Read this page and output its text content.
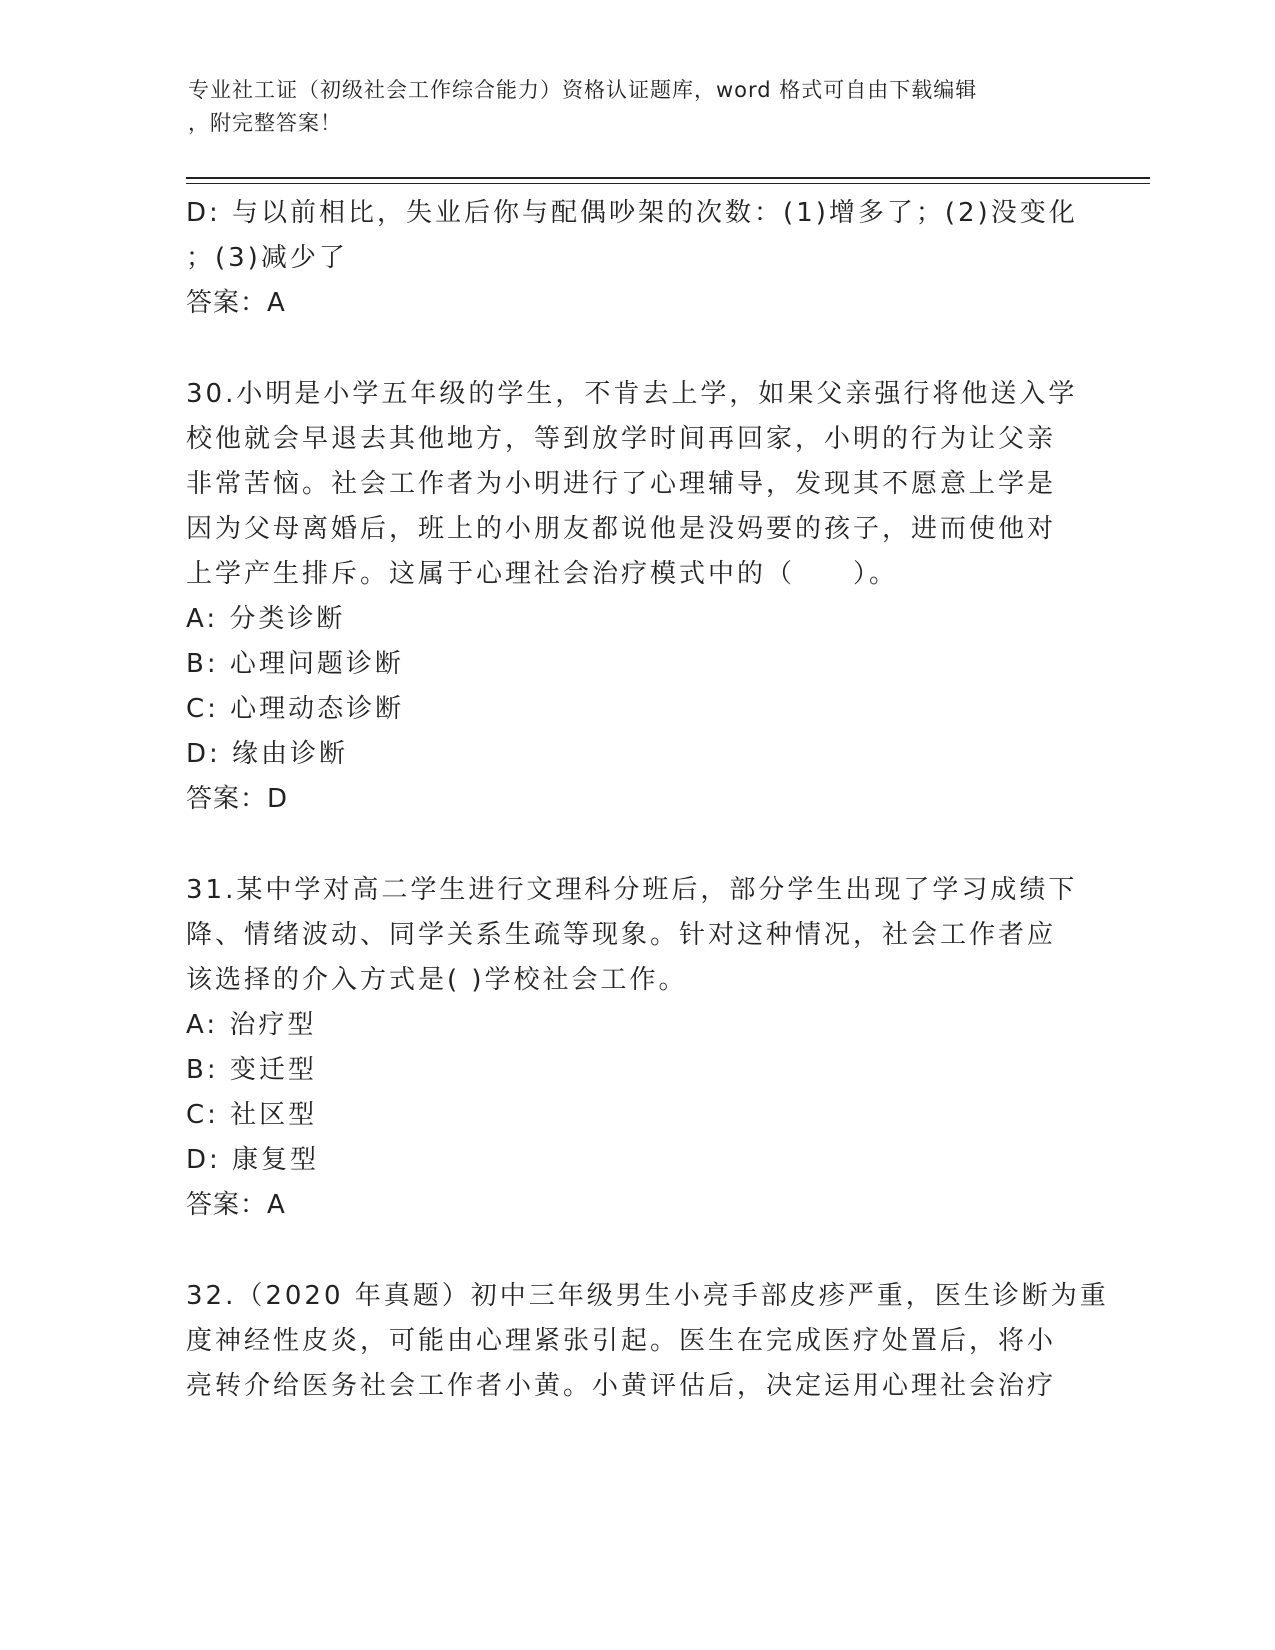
专业社工证（初级社会工作综合能力）资格认证题库，word 格式可自由下载编辑
，附完整答案！
D: 与以前相比，失业后你与配偶吵架的次数：(1)增多了；(2)没变化
；(3)减少了
答案：A
30.小明是小学五年级的学生，不肯去上学，如果父亲强行将他送入学
校他就会早退去其他地方，等到放学时间再回家，小明的行为让父亲
非常苦恼。社会工作者为小明进行了心理辅导，发现其不愿意上学是
因为父母离婚后，班上的小朋友都说他是没妈要的孩子，进而使他对
上学产生排斥。这属于心理社会治疗模式中的（　　）。
A: 分类诊断
B: 心理问题诊断
C: 心理动态诊断
D: 缘由诊断
答案：D
31.某中学对高二学生进行文理科分班后，部分学生出现了学习成绩下
降、情绪波动、同学关系生疏等现象。针对这种情况，社会工作者应
该选择的介入方式是( )学校社会工作。
A: 治疗型
B: 变迁型
C: 社区型
D: 康复型
答案：A
32.（2020 年真题）初中三年级男生小亮手部皮疹严重，医生诊断为重
度神经性皮炎，可能由心理紧张引起。医生在完成医疗处置后，将小
亮转介给医务社会工作者小黄。小黄评估后，决定运用心理社会治疗
